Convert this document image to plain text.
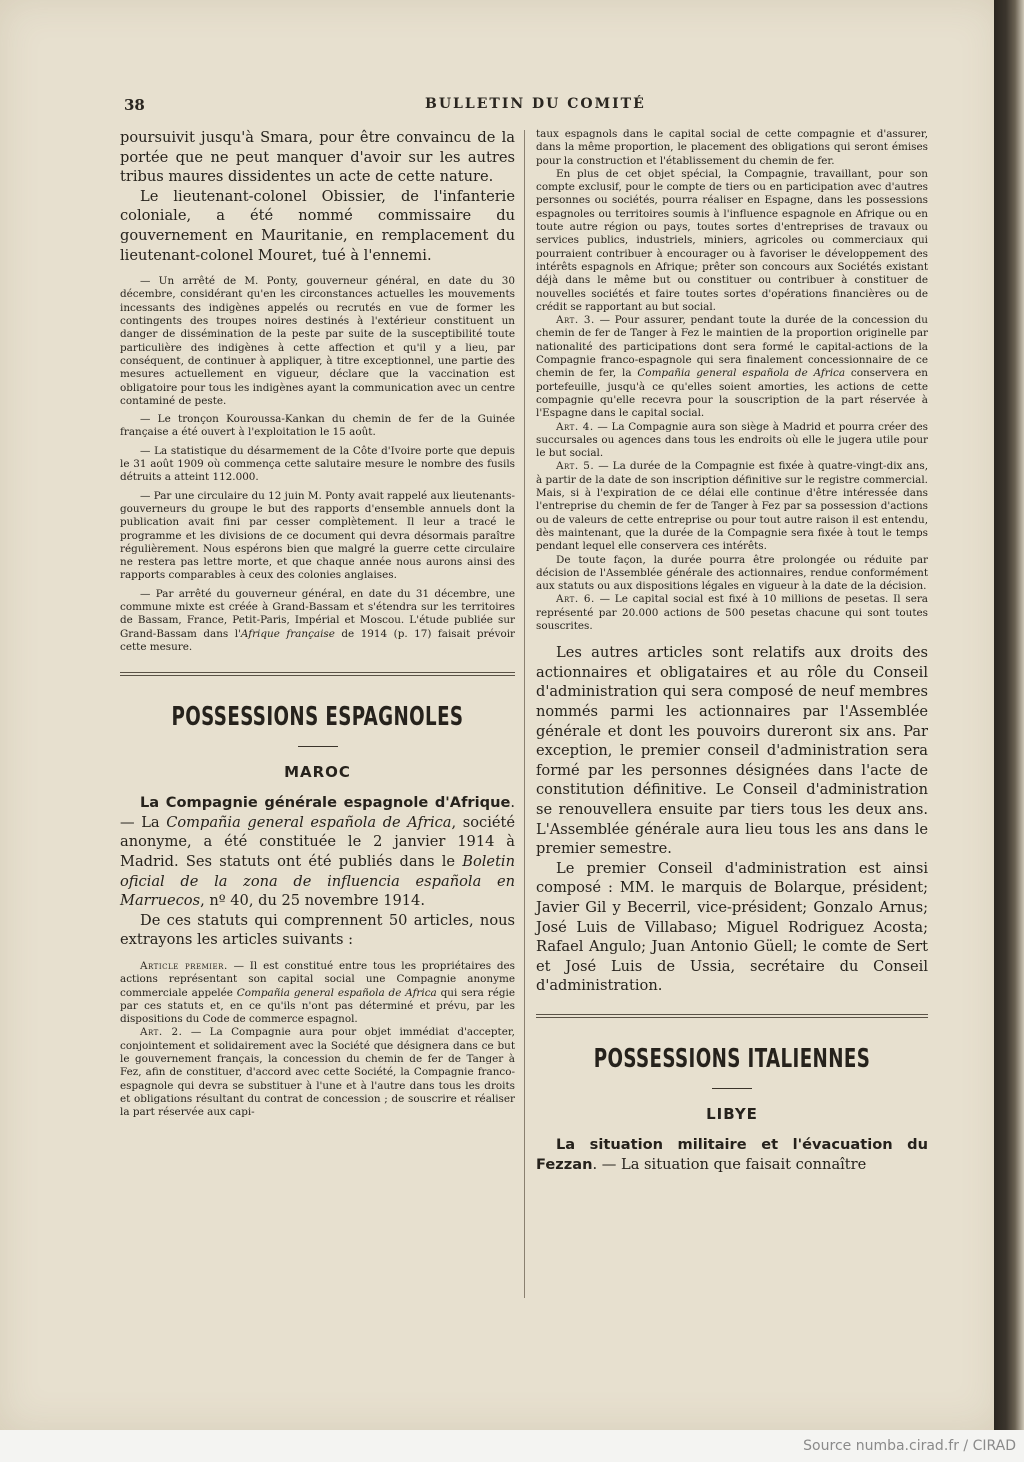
38	BULLETIN DU COMITÉ

poursuivit jusqu'à Smara, pour être convaincu de la portée que ne peut manquer d'avoir sur les autres tribus maures dissidentes un acte de cette nature.

Le lieutenant-colonel Obissier, de l'infanterie coloniale, a été nommé commissaire du gouvernement en Mauritanie, en remplacement du lieutenant-colonel Mouret, tué à l'ennemi.

— Un arrêté de M. Ponty, gouverneur général, en date du 30 décembre, considérant qu'en les circonstances actuelles les mouvements incessants des indigènes appelés ou recrutés en vue de former les contingents des troupes noires destinés à l'extérieur constituent un danger de dissémination de la peste par suite de la susceptibilité toute particulière des indigènes à cette affection et qu'il y a lieu, par conséquent, de continuer à appliquer, à titre exceptionnel, une partie des mesures actuellement en vigueur, déclare que la vaccination est obligatoire pour tous les indigènes ayant la communication avec un centre contaminé de peste.

— Le tronçon Kouroussa-Kankan du chemin de fer de la Guinée française a été ouvert à l'exploitation le 15 août.

— La statistique du désarmement de la Côte d'Ivoire porte que depuis le 31 août 1909 où commença cette salutaire mesure le nombre des fusils détruits a atteint 112.000.

— Par une circulaire du 12 juin M. Ponty avait rappelé aux lieutenants-gouverneurs du groupe le but des rapports d'ensemble annuels dont la publication avait fini par cesser complètement. Il leur a tracé le programme et les divisions de ce document qui devra désormais paraître régulièrement. Nous espérons bien que malgré la guerre cette circulaire ne restera pas lettre morte, et que chaque année nous aurons ainsi des rapports comparables à ceux des colonies anglaises.

— Par arrêté du gouverneur général, en date du 31 décembre, une commune mixte est créée à Grand-Bassam et s'étendra sur les territoires de Bassam, France, Petit-Paris, Impérial et Moscou. L'étude publiée sur Grand-Bassam dans l'Afrique française de 1914 (p. 17) faisait prévoir cette mesure.

POSSESSIONS ESPAGNOLES
MAROC

La Compagnie générale espagnole d'Afrique. — La Compañia general española de Africa, société anonyme, a été constituée le 2 janvier 1914 à Madrid. Ses statuts ont été publiés dans le Boletin oficial de la zona de influencia española en Marruecos, nº 40, du 25 novembre 1914.

De ces statuts qui comprennent 50 articles, nous extrayons les articles suivants :

Article premier. — Il est constitué entre tous les propriétaires des actions représentant son capital social une Compagnie anonyme commerciale appelée Compañia general española de Africa qui sera régie par ces statuts et, en ce qu'ils n'ont pas déterminé et prévu, par les dispositions du Code de commerce espagnol.

Art. 2. — La Compagnie aura pour objet immédiat d'accepter, conjointement et solidairement avec la Société que désignera dans ce but le gouvernement français, la concession du chemin de fer de Tanger à Fez, afin de constituer, d'accord avec cette Société, la Compagnie franco-espagnole qui devra se substituer à l'une et à l'autre dans tous les droits et obligations résultant du contrat de concession ; de souscrire et réaliser la part réservée aux capi-

taux espagnols dans le capital social de cette compagnie et d'assurer, dans la même proportion, le placement des obligations qui seront émises pour la construction et l'établissement du chemin de fer.

En plus de cet objet spécial, la Compagnie, travaillant, pour son compte exclusif, pour le compte de tiers ou en participation avec d'autres personnes ou sociétés, pourra réaliser en Espagne, dans les possessions espagnoles ou territoires soumis à l'influence espagnole en Afrique ou en toute autre région ou pays, toutes sortes d'entreprises de travaux ou services publics, industriels, miniers, agricoles ou commerciaux qui pourraient contribuer à encourager ou à favoriser le développement des intérêts espagnols en Afrique; prêter son concours aux Sociétés existant déjà dans le même but ou constituer ou contribuer à constituer de nouvelles sociétés et faire toutes sortes d'opérations financières ou de crédit se rapportant au but social.

Art. 3. — Pour assurer, pendant toute la durée de la concession du chemin de fer de Tanger à Fez le maintien de la proportion originelle par nationalité des participations dont sera formé le capital-actions de la Compagnie franco-espagnole qui sera finalement concessionnaire de ce chemin de fer, la Compañia general española de Africa conservera en portefeuille, jusqu'à ce qu'elles soient amorties, les actions de cette compagnie qu'elle recevra pour la souscription de la part réservée à l'Espagne dans le capital social.

Art. 4. — La Compagnie aura son siège à Madrid et pourra créer des succursales ou agences dans tous les endroits où elle le jugera utile pour le but social.

Art. 5. — La durée de la Compagnie est fixée à quatre-vingt-dix ans, à partir de la date de son inscription définitive sur le registre commercial. Mais, si à l'expiration de ce délai elle continue d'être intéressée dans l'entreprise du chemin de fer de Tanger à Fez par sa possession d'actions ou de valeurs de cette entreprise ou pour tout autre raison il est entendu, dès maintenant, que la durée de la Compagnie sera fixée à tout le temps pendant lequel elle conservera ces intérêts.

De toute façon, la durée pourra être prolongée ou réduite par décision de l'Assemblée générale des actionnaires, rendue conformément aux statuts ou aux dispositions légales en vigueur à la date de la décision.

Art. 6. — Le capital social est fixé à 10 millions de pesetas. Il sera représenté par 20.000 actions de 500 pesetas chacune qui sont toutes souscrites.

Les autres articles sont relatifs aux droits des actionnaires et obligataires et au rôle du Conseil d'administration qui sera composé de neuf membres nommés parmi les actionnaires par l'Assemblée générale et dont les pouvoirs dureront six ans. Par exception, le premier conseil d'administration sera formé par les personnes désignées dans l'acte de constitution définitive. Le Conseil d'administration se renouvellera ensuite par tiers tous les deux ans. L'Assemblée générale aura lieu tous les ans dans le premier semestre.

Le premier Conseil d'administration est ainsi composé : MM. le marquis de Bolarque, président; Javier Gil y Becerril, vice-président; Gonzalo Arnus; José Luis de Villabaso; Miguel Rodriguez Acosta; Rafael Angulo; Juan Antonio Güell; le comte de Sert et José Luis de Ussia, secrétaire du Conseil d'administration.

POSSESSIONS ITALIENNES
LIBYE

La situation militaire et l'évacuation du Fezzan. — La situation que faisait connaître

Source numba.cirad.fr / CIRAD
